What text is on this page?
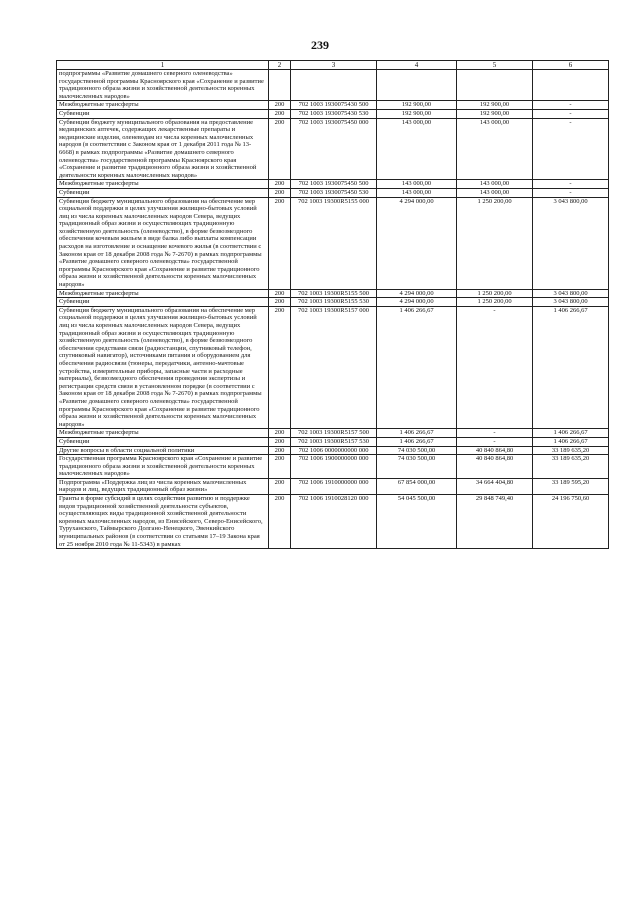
239
1	2	3	4	5	6
подпрограммы «Развитие домашнего северного оленеводства» государственной программы Красноярского края «Сохранение и развитие традиционного образа жизни и хозяйственной деятельности коренных малочисленных народов»					
Межбюджетные трансферты	200	702 1003 1930075430 500	192 900,00	192 900,00	-
Субвенции	200	702 1003 1930075430 530	192 900,00	192 900,00	-
Субвенции бюджету муниципального образования на предоставление медицинских аптечек, содержащих лекарственные препараты и медицинские изделия, оленеводам из числа коренных малочисленных народов (в соответствии с Законом края от 1 декабря 2011 года № 13-6668) в рамках подпрограммы «Развитие домашнего северного оленеводства» государственной программы Красноярского края «Сохранение и развитие традиционного образа жизни и хозяйственной деятельности коренных малочисленных народов»	200	702 1003 1930075450 000	143 000,00	143 000,00	-
Межбюджетные трансферты	200	702 1003 1930075450 500	143 000,00	143 000,00	-
Субвенции	200	702 1003 1930075450 530	143 000,00	143 000,00	-
Субвенция бюджету муниципального образования на обеспечение мер социальной поддержки в целях улучшения жилищно-бытовых условий лиц из числа коренных малочисленных народов Севера, ведущих традиционный образ жизни и осуществляющих традиционную хозяйственную деятельность (оленеводство), в форме безвозмездного обеспечения кочевым жильем в виде балка либо выплаты компенсации расходов на изготовление и оснащение кочевого жилья (в соответствии с Законом края от 18 декабря 2008 года № 7-2670) в рамках подпрограммы «Развитие домашнего северного оленеводства» государственной программы Красноярского края «Сохранение и развитие традиционного образа жизни и хозяйственной деятельности коренных малочисленных народов»	200	702 1003 19300R5155 000	4 294 000,00	1 250 200,00	3 043 800,00
Межбюджетные трансферты	200	702 1003 19300R5155 500	4 294 000,00	1 250 200,00	3 043 800,00
Субвенции	200	702 1003 19300R5155 530	4 294 000,00	1 250 200,00	3 043 800,00
Субвенция бюджету муниципального образования на обеспечение мер социальной поддержки в целях улучшения жилищно-бытовых условий лиц из числа коренных малочисленных народов Севера, ведущих традиционный образ жизни и осуществляющих традиционную хозяйственную деятельность (оленеводство), в форме безвозмездного обеспечения средствами связи (радиостанции, спутниковый телефон, спутниковый навигатор), источниками питания и оборудованием для обеспечения радиосвязи (тюнеры, передатчики, антенно-мачтовые устройства, измерительные приборы, запасные части и расходные материалы), безвозмездного обеспечения проведения экспертизы и регистрации средств связи в установленном порядке (в соответствии с Законом края от 18 декабря 2008 года № 7-2670) в рамках подпрограммы «Развитие домашнего северного оленеводства» государственной программы Красноярского края «Сохранение и развитие традиционного образа жизни и хозяйственной деятельности коренных малочисленных народов»	200	702 1003 19300R5157 000	1 406 266,67	-	1 406 266,67
Межбюджетные трансферты	200	702 1003 19300R5157 500	1 406 266,67	-	1 406 266,67
Субвенции	200	702 1003 19300R5157 530	1 406 266,67	-	1 406 266,67
Другие вопросы в области социальной политики	200	702 1006 0000000000 000	74 030 500,00	40 840 864,80	33 189 635,20
Государственная программа Красноярского края «Сохранение и развитие традиционного образа жизни и хозяйственной деятельности коренных малочисленных народов»	200	702 1006 1900000000 000	74 030 500,00	40 840 864,80	33 189 635,20
Подпрограмма «Поддержка лиц из числа коренных малочисленных народов и лиц, ведущих традиционный образ жизни»	200	702 1006 1910000000 000	67 854 000,00	34 664 404,80	33 189 595,20
Гранты в форме субсидий в целях содействия развитию и поддержке видов традиционной хозяйственной деятельности субъектов, осуществляющих виды традиционной хозяйственной деятельности коренных малочисленных народов, из Енисейского, Северо-Енисейского, Туруханского, Таймырского Долгано-Ненецкого, Эвенкийского муниципальных районов (в соответствии со статьями 17–19 Закона края от 25 ноября 2010 года № 11-5343) в рамках	200	702 1006 1910028120 000	54 045 500,00	29 848 749,40	24 196 750,60
